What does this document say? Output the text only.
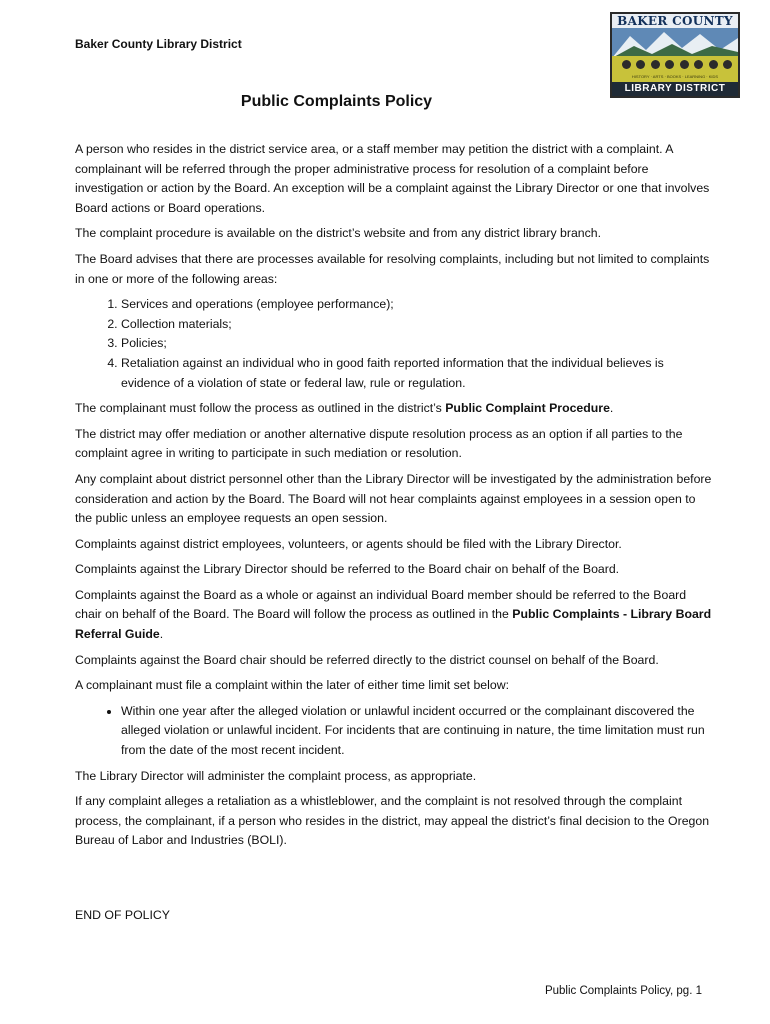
Baker County Library District
BAKER COUNTY
HISTORY · ARTS · BOOKS · LEARNING · KIDS
LIBRARY DISTRICT
Public Complaints Policy

A person who resides in the district service area, or a staff member may petition the district with a complaint. A complainant will be referred through the proper administrative process for resolution of a complaint before investigation or action by the Board. An exception will be a complaint against the Library Director or one that involves Board actions or Board operations.

The complaint procedure is available on the district’s website and from any district library branch.

The Board advises that there are processes available for resolving complaints, including but not limited to complaints in one or more of the following areas:

1. Services and operations (employee performance);
2. Collection materials;
3. Policies;
4. Retaliation against an individual who in good faith reported information that the individual believes is evidence of a violation of state or federal law, rule or regulation.

The complainant must follow the process as outlined in the district’s Public Complaint Procedure.

The district may offer mediation or another alternative dispute resolution process as an option if all parties to the complaint agree in writing to participate in such mediation or resolution.

Any complaint about district personnel other than the Library Director will be investigated by the administration before consideration and action by the Board. The Board will not hear complaints against employees in a session open to the public unless an employee requests an open session.

Complaints against district employees, volunteers, or agents should be filed with the Library Director.

Complaints against the Library Director should be referred to the Board chair on behalf of the Board.

Complaints against the Board as a whole or against an individual Board member should be referred to the Board chair on behalf of the Board. The Board will follow the process as outlined in the Public Complaints - Library Board Referral Guide.

Complaints against the Board chair should be referred directly to the district counsel on behalf of the Board.

A complainant must file a complaint within the later of either time limit set below:

• Within one year after the alleged violation or unlawful incident occurred or the complainant discovered the alleged violation or unlawful incident. For incidents that are continuing in nature, the time limitation must run from the date of the most recent incident.

The Library Director will administer the complaint process, as appropriate.

If any complaint alleges a retaliation as a whistleblower, and the complaint is not resolved through the complaint process, the complainant, if a person who resides in the district, may appeal the district’s final decision to the Oregon Bureau of Labor and Industries (BOLI).

END OF POLICY
Public Complaints Policy, pg. 1
